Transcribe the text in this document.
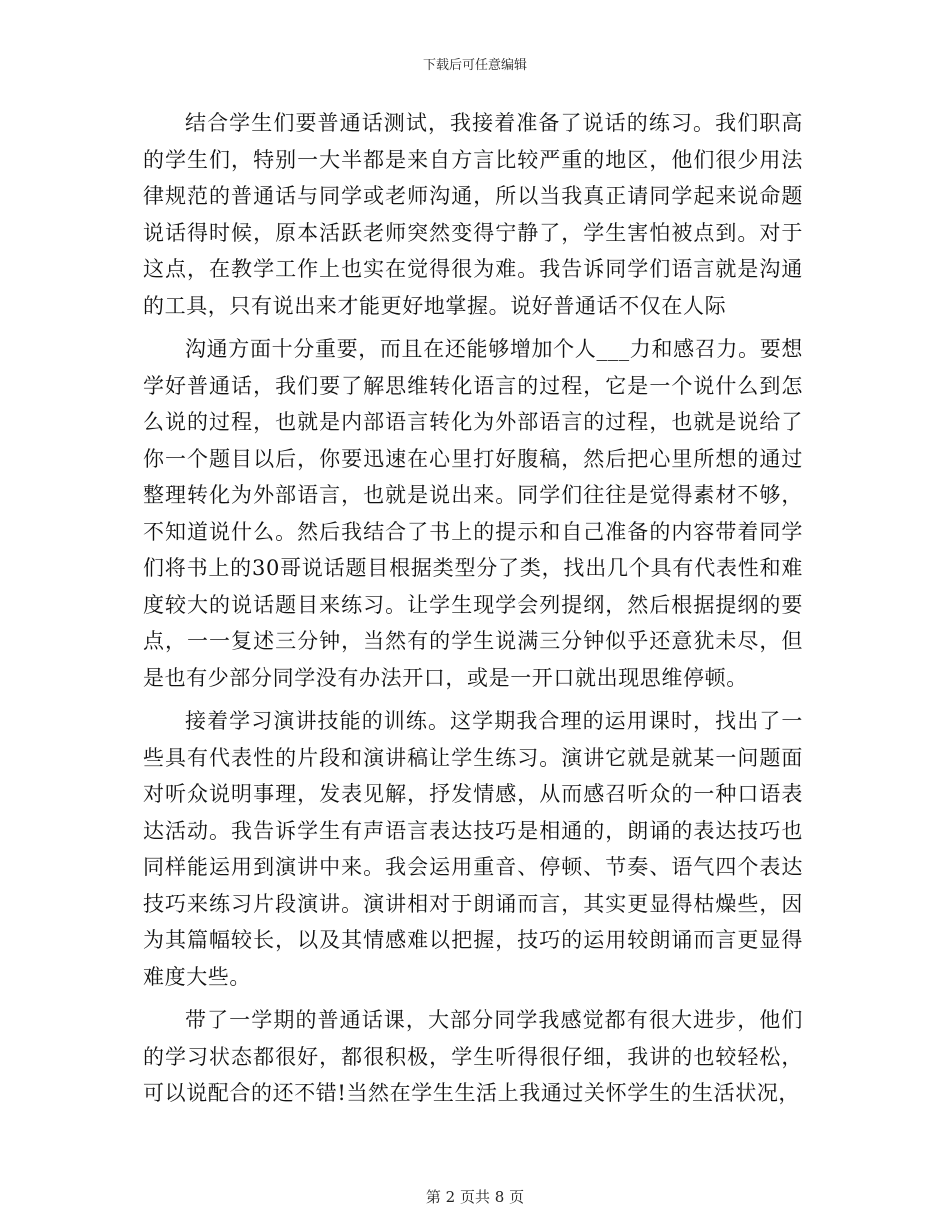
下载后可任意编辑

结合学生们要普通话测试，我接着准备了说话的练习。我们职高的学生们，特别一大半都是来自方言比较严重的地区，他们很少用法律规范的普通话与同学或老师沟通，所以当我真正请同学起来说命题说话得时候，原本活跃老师突然变得宁静了，学生害怕被点到。对于这点，在教学工作上也实在觉得很为难。我告诉同学们语言就是沟通的工具，只有说出来才能更好地掌握。说好普通话不仅在人际

沟通方面十分重要，而且在还能够增加个人___力和感召力。要想学好普通话，我们要了解思维转化语言的过程，它是一个说什么到怎么说的过程，也就是内部语言转化为外部语言的过程，也就是说给了你一个题目以后，你要迅速在心里打好腹稿，然后把心里所想的通过整理转化为外部语言，也就是说出来。同学们往往是觉得素材不够，不知道说什么。然后我结合了书上的提示和自己准备的内容带着同学们将书上的30哥说话题目根据类型分了类，找出几个具有代表性和难度较大的说话题目来练习。让学生现学会列提纲，然后根据提纲的要点，一一复述三分钟，当然有的学生说满三分钟似乎还意犹未尽，但是也有少部分同学没有办法开口，或是一开口就出现思维停顿。

接着学习演讲技能的训练。这学期我合理的运用课时，找出了一些具有代表性的片段和演讲稿让学生练习。演讲它就是就某一问题面对听众说明事理，发表见解，抒发情感，从而感召听众的一种口语表达活动。我告诉学生有声语言表达技巧是相通的，朗诵的表达技巧也同样能运用到演讲中来。我会运用重音、停顿、节奏、语气四个表达技巧来练习片段演讲。演讲相对于朗诵而言，其实更显得枯燥些，因为其篇幅较长，以及其情感难以把握，技巧的运用较朗诵而言更显得难度大些。

带了一学期的普通话课，大部分同学我感觉都有很大进步，他们的学习状态都很好，都很积极，学生听得很仔细，我讲的也较轻松，可以说配合的还不错!当然在学生生活上我通过关怀学生的生活状况，

第 2 页共 8 页
